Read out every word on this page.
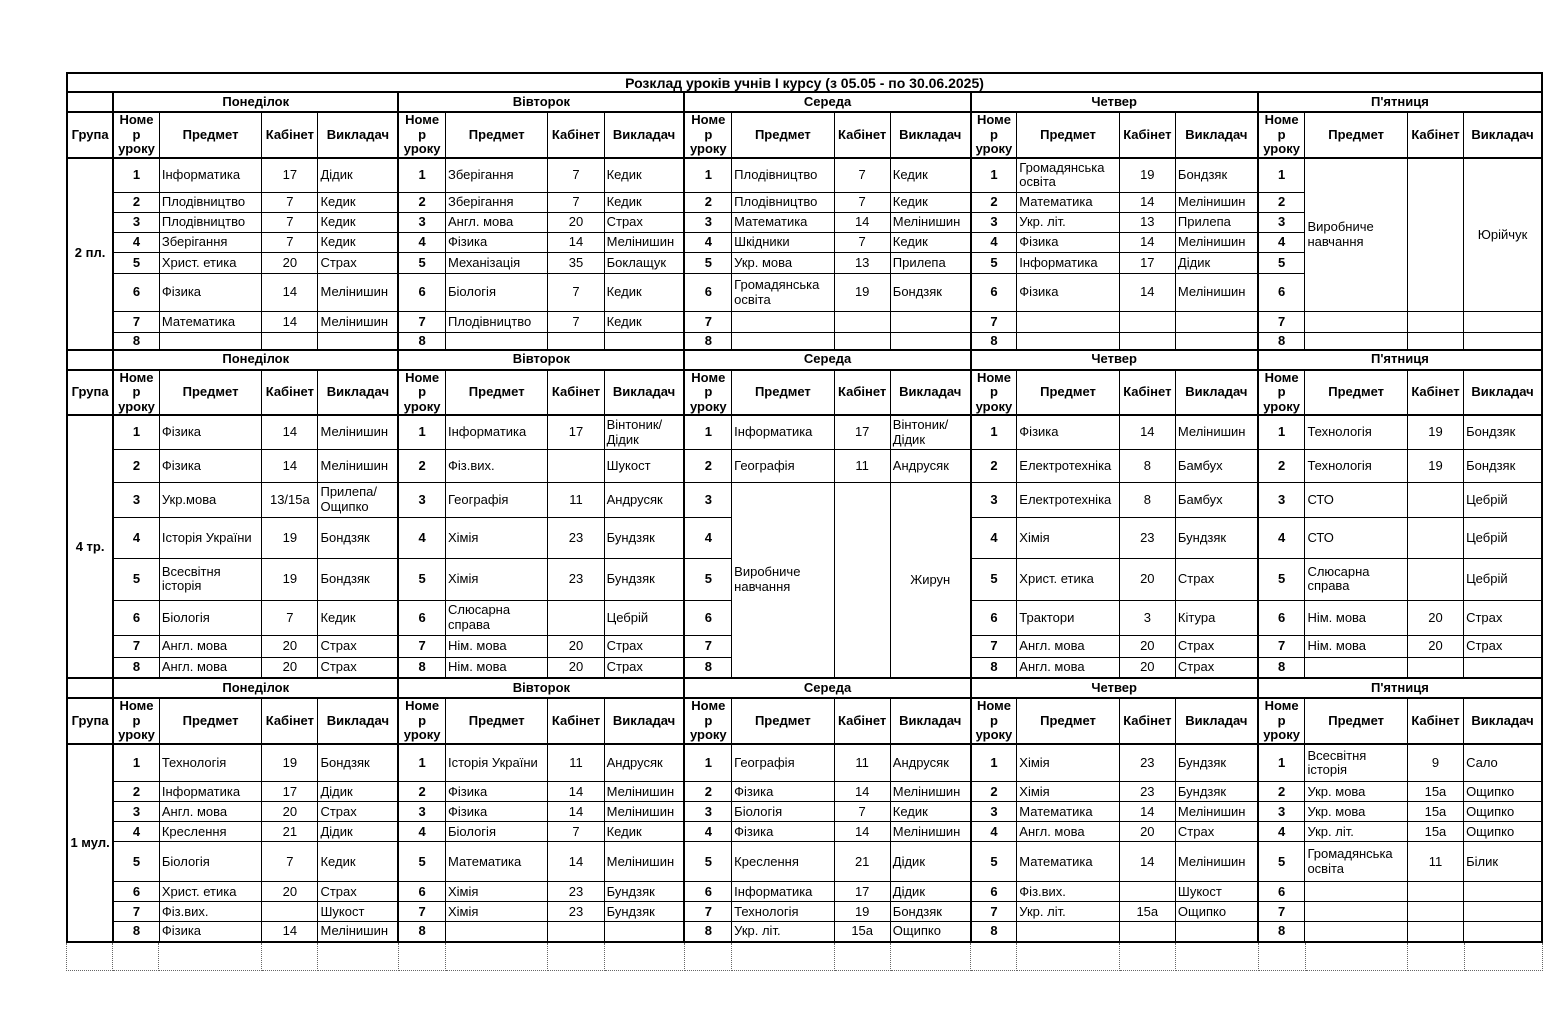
Розклад уроків учнів І курсу (з 05.05 - по 30.06.2025)
	Понеділок				Вівторок				Середа				Четвер				П'ятниця			
Група	Номер уроку	Предмет	Кабінет	Викладач	Номер уроку	Предмет	Кабінет	Викладач	Номер уроку	Предмет	Кабінет	Викладач	Номер уроку	Предмет	Кабінет	Викладач	Номер уроку	Предмет	Кабінет	Викладач
2 пл.	1	Інформатика	17	Дідик	1	Зберігання	7	Кедик	1	Плодівництво	7	Кедик	1	Громадянська освіта	19	Бондзяк	1	Виробниче навчання		Юрійчук
	2	Плодівництво	7	Кедик	2	Зберігання	7	Кедик	2	Плодівництво	7	Кедик	2	Математика	14	Мелінишин	2			
	3	Плодівництво	7	Кедик	3	Англ. мова	20	Страх	3	Математика	14	Мелінишин	3	Укр. літ.	13	Прилепа	3			
	4	Зберігання	7	Кедик	4	Фізика	14	Мелінишин	4	Шкідники	7	Кедик	4	Фізика	14	Мелінишин	4			
	5	Христ. етика	20	Страх	5	Механізація	35	Боклащук	5	Укр. мова	13	Прилепа	5	Інформатика	17	Дідик	5			
	6	Фізика	14	Мелінишин	6	Біологія	7	Кедик	6	Громадянська освіта	19	Бондзяк	6	Фізика	14	Мелінишин	6			
	7	Математика	14	Мелінишин	7	Плодівництво	7	Кедик	7				7				7			
	8				8				8				8				8			
	Понеділок				Вівторок				Середа				Четвер				П'ятниця			
Група	Номер уроку	Предмет	Кабінет	Викладач	Номер уроку	Предмет	Кабінет	Викладач	Номер уроку	Предмет	Кабінет	Викладач	Номер уроку	Предмет	Кабінет	Викладач	Номер уроку	Предмет	Кабінет	Викладач
4 тр.	1	Фізика	14	Мелінишин	1	Інформатика	17	Вінтоник/ Дідик	1	Інформатика	17	Вінтоник/ Дідик	1	Фізика	14	Мелінишин	1	Технологія	19	Бондзяк
	2	Фізика	14	Мелінишин	2	Фіз.вих.		Шукост	2	Географія	11	Андрусяк	2	Електротехніка	8	Бамбух	2	Технологія	19	Бондзяк
	3	Укр.мова	13/15а	Прилепа/ Ощипко	3	Географія	11	Андрусяк	3	Виробниче навчання		Жирун	3	Електротехніка	8	Бамбух	3	СТО		Цебрій
	4	Історія України	19	Бондзяк	4	Хімія	23	Бундзяк	4				4	Хімія	23	Бундзяк	4	СТО		Цебрій
	5	Всесвітня історія	19	Бондзяк	5	Хімія	23	Бундзяк	5				5	Христ. етика	20	Страх	5	Слюсарна справа		Цебрій
	6	Біологія	7	Кедик	6	Слюсарна справа		Цебрій	6				6	Трактори	3	Кітура	6	Нім. мова	20	Страх
	7	Англ. мова	20	Страх	7	Нім. мова	20	Страх	7				7	Англ. мова	20	Страх	7	Нім. мова	20	Страх
	8	Англ. мова	20	Страх	8	Нім. мова	20	Страх	8				8	Англ. мова	20	Страх	8			
	Понеділок				Вівторок				Середа				Четвер				П'ятниця			
Група	Номер уроку	Предмет	Кабінет	Викладач	Номер уроку	Предмет	Кабінет	Викладач	Номер уроку	Предмет	Кабінет	Викладач	Номер уроку	Предмет	Кабінет	Викладач	Номер уроку	Предмет	Кабінет	Викладач
1 мул.	1	Технологія	19	Бондзяк	1	Історія України	11	Андрусяк	1	Географія	11	Андрусяк	1	Хімія	23	Бундзяк	1	Всесвітня історія	9	Сало
	2	Інформатика	17	Дідик	2	Фізика	14	Мелінишин	2	Фізика	14	Мелінишин	2	Хімія	23	Бундзяк	2	Укр. мова	15а	Ощипко
	3	Англ. мова	20	Страх	3	Фізика	14	Мелінишин	3	Біологія	7	Кедик	3	Математика	14	Мелінишин	3	Укр. мова	15а	Ощипко
	4	Креслення	21	Дідик	4	Біологія	7	Кедик	4	Фізика	14	Мелінишин	4	Англ. мова	20	Страх	4	Укр. літ.	15а	Ощипко
	5	Біологія	7	Кедик	5	Математика	14	Мелінишин	5	Креслення	21	Дідик	5	Математика	14	Мелінишин	5	Громадянська освіта	11	Білик
	6	Христ. етика	20	Страх	6	Хімія	23	Бундзяк	6	Інформатика	17	Дідик	6	Фіз.вих.		Шукост	6			
	7	Фіз.вих.		Шукост	7	Хімія	23	Бундзяк	7	Технологія	19	Бондзяк	7	Укр. літ.	15а	Ощипко	7			
	8	Фізика	14	Мелінишин	8				8	Укр. літ.	15а	Ощипко	8				8			
